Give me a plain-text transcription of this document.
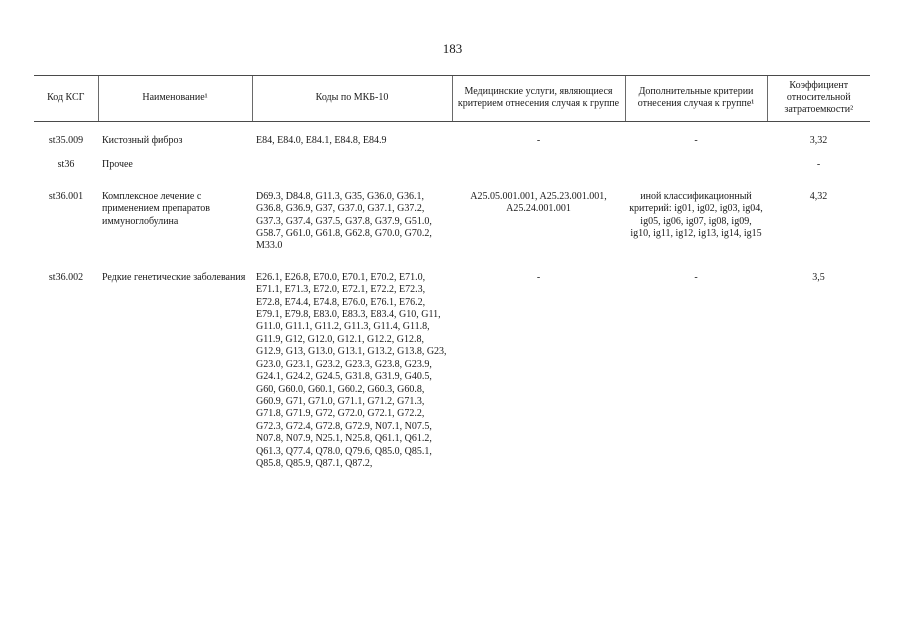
183
Код КСГ	Наименование¹	Коды по МКБ-10	Медицинские услуги, являющиеся критерием отнесения случая к группе	Дополнительные критерии отнесения случая к группе¹	Коэффициент относительной затратоемкости²
st35.009	Кистозный фиброз	E84, E84.0, E84.1, E84.8, E84.9	-	-	3,32
st36	Прочее				-
st36.001	Комплексное лечение с применением препаратов иммуноглобулина	D69.3, D84.8, G11.3, G35, G36.0, G36.1, G36.8, G36.9, G37, G37.0, G37.1, G37.2, G37.3, G37.4, G37.5, G37.8, G37.9, G51.0, G58.7, G61.0, G61.8, G62.8, G70.0, G70.2, M33.0	A25.05.001.001, A25.23.001.001, A25.24.001.001	иной классификационный критерий: ig01, ig02, ig03, ig04, ig05, ig06, ig07, ig08, ig09, ig10, ig11, ig12, ig13, ig14, ig15	4,32
st36.002	Редкие генетические заболевания	E26.1, E26.8, E70.0, E70.1, E70.2, E71.0, E71.1, E71.3, E72.0, E72.1, E72.2, E72.3, E72.8, E74.4, E74.8, E76.0, E76.1, E76.2, E79.1, E79.8, E83.0, E83.3, E83.4, G10, G11, G11.0, G11.1, G11.2, G11.3, G11.4, G11.8, G11.9, G12, G12.0, G12.1, G12.2, G12.8, G12.9, G13, G13.0, G13.1, G13.2, G13.8, G23, G23.0, G23.1, G23.2, G23.3, G23.8, G23.9, G24.1, G24.2, G24.5, G31.8, G31.9, G40.5, G60, G60.0, G60.1, G60.2, G60.3, G60.8, G60.9, G71, G71.0, G71.1, G71.2, G71.3, G71.8, G71.9, G72, G72.0, G72.1, G72.2, G72.3, G72.4, G72.8, G72.9, N07.1, N07.5, N07.8, N07.9, N25.1, N25.8, Q61.1, Q61.2, Q61.3, Q77.4, Q78.0, Q79.6, Q85.0, Q85.1, Q85.8, Q85.9, Q87.1, Q87.2,	-	-	3,5
